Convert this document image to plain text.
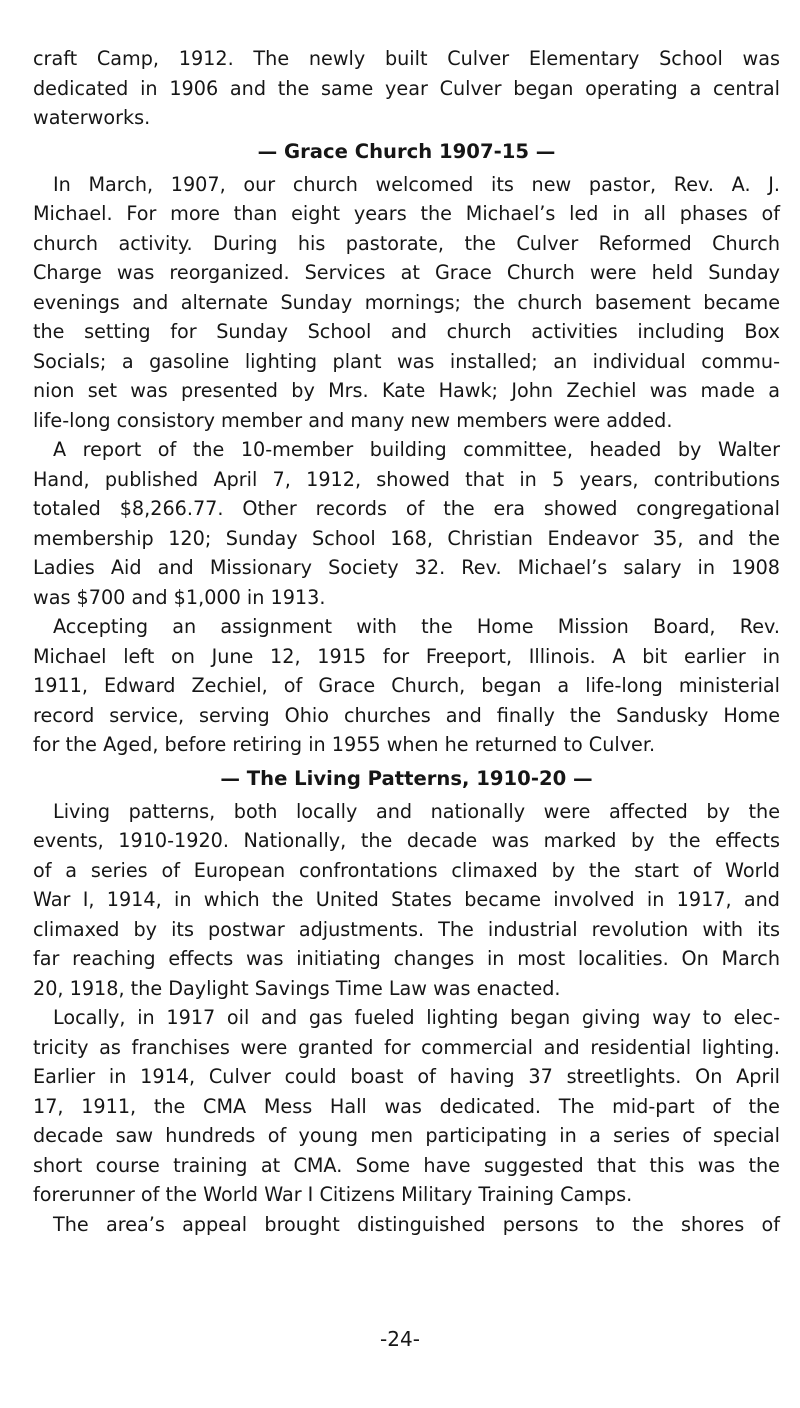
craft Camp, 1912. The newly built Culver Elementary School was
dedicated in 1906 and the same year Culver began operating a central
waterworks.
— Grace Church 1907-15 —
In March, 1907, our church welcomed its new pastor, Rev. A. J.
Michael. For more than eight years the Michael’s led in all phases of
church activity. During his pastorate, the Culver Reformed Church
Charge was reorganized. Services at Grace Church were held Sunday
evenings and alternate Sunday mornings; the church basement became
the setting for Sunday School and church activities including Box
Socials; a gasoline lighting plant was installed; an individual commu-
nion set was presented by Mrs. Kate Hawk; John Zechiel was made a
life-long consistory member and many new members were added.
A report of the 10-member building committee, headed by Walter
Hand, published April 7, 1912, showed that in 5 years, contributions
totaled $8,266.77. Other records of the era showed congregational
membership 120; Sunday School 168, Christian Endeavor 35, and the
Ladies Aid and Missionary Society 32. Rev. Michael’s salary in 1908
was $700 and $1,000 in 1913.
Accepting an assignment with the Home Mission Board, Rev.
Michael left on June 12, 1915 for Freeport, Illinois. A bit earlier in
1911, Edward Zechiel, of Grace Church, began a life-long ministerial
record service, serving Ohio churches and finally the Sandusky Home
for the Aged, before retiring in 1955 when he returned to Culver.
— The Living Patterns, 1910-20 —
Living patterns, both locally and nationally were affected by the
events, 1910-1920. Nationally, the decade was marked by the effects
of a series of European confrontations climaxed by the start of World
War I, 1914, in which the United States became involved in 1917, and
climaxed by its postwar adjustments. The industrial revolution with its
far reaching effects was initiating changes in most localities. On March
20, 1918, the Daylight Savings Time Law was enacted.
Locally, in 1917 oil and gas fueled lighting began giving way to elec-
tricity as franchises were granted for commercial and residential lighting.
Earlier in 1914, Culver could boast of having 37 streetlights. On April
17, 1911, the CMA Mess Hall was dedicated. The mid-part of the
decade saw hundreds of young men participating in a series of special
short course training at CMA. Some have suggested that this was the
forerunner of the World War I Citizens Military Training Camps.
The area’s appeal brought distinguished persons to the shores of
-24-
